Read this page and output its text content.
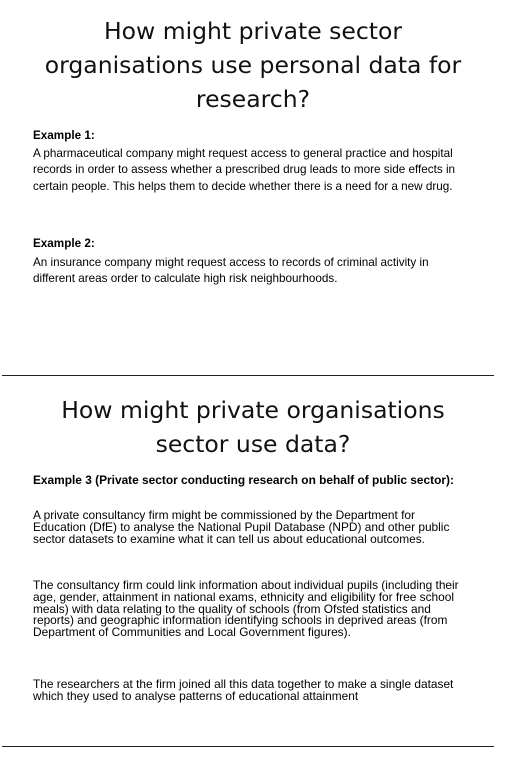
How might private sector
organisations use personal data for
research?
Example 1:
A pharmaceutical company might request access to general practice and hospital records in order to assess whether a prescribed drug leads to more side effects in certain people. This helps them to decide whether there is a need for a new drug.
Example 2:
An insurance company might request access to records of criminal activity in different areas order to calculate high risk neighbourhoods.
How might private organisations
sector use data?
Example 3 (Private sector conducting research on behalf of public sector):
A private consultancy firm might be commissioned by the Department for Education (DfE) to analyse the National Pupil Database (NPD) and other public sector datasets to examine what it can tell us about educational outcomes.
The consultancy firm could link information about individual pupils (including their age, gender, attainment in national exams, ethnicity and eligibility for free school meals) with data relating to the quality of schools (from Ofsted statistics and reports) and geographic information identifying schools in deprived areas (from Department of Communities and Local Government figures).
The researchers at the firm joined all this data together to make a single dataset which they used to analyse patterns of educational attainment
